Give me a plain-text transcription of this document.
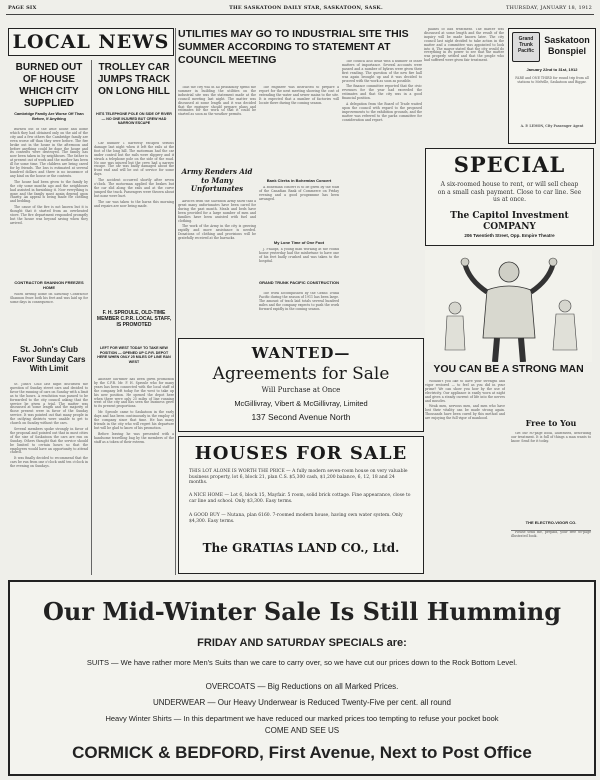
PAGE SIX	THE SASKATOON DAILY STAR, SASKATOON, SASK.	THURSDAY, JANUARY 18, 1912
LOCAL NEWS
BURNED OUT OF HOUSE WHICH CITY SUPPLIED
Cambridge Family Are Worse Off Than Before, If Anything

Burned out of the little house and home which they had obtained only on the aid of the city and a few others the Cambridge family are even worse off than they were before. The fire broke out in the house in the afternoon and before anything could be done the house and its contents were destroyed. The family has now been taken in by neighbours. The father is at present out of work and the mother has been ill for some time. The children are being cared for by friends. The loss is estimated at several hundred dollars and there is no insurance of any kind on the house or the contents.

The house had been given to the family by the city some months ago and the neighbours had assisted in furnishing it. Now everything is gone and the family must again depend upon charity. An appeal is being made for clothing and bedding.

The cause of the fire is not known but it is thought that it started from an overheated stove. The fire department responded promptly but the house was beyond saving when they arrived.

CONTRACTOR SHANNON FREEZES HOME

When driving home on Saturday Contractor Shannon froze both his feet and was laid up for some days in consequence.

St. John's Club Favor Sunday Cars With Limit

St. John's Club last night discussed the question of Sunday street cars and decided to favor the running of cars on Sunday with a limit as to the hours. A resolution was passed to be forwarded to the city council asking that the service be given a trial. The matter was discussed at some length and the majority of those present were in favor of the Sunday service. It was pointed out that many people in the outlying districts were unable to get to church on Sunday without the cars.

Several members spoke strongly in favor of the proposal and pointed out that in most cities of the size of Saskatoon the cars are run on Sunday. Others thought that the service should be limited to certain hours so that the employees would have an opportunity to attend church.

It was finally decided to recommend that the cars be run from one o'clock until ten o'clock in the evening on Sundays.

TROLLEY CAR JUMPS TRACK ON LONG HILL
HITS TELEPHONE POLE ON SIDE OF RIVER — NO ONE INJURED BUT CREW HAD NARROW ESCAPE

Car number 1 narrowly escaped serious damage last night when it left the rails at the foot of the long hill. The motorman had the car under control but the rails were slippery and it struck a telephone pole on the side of the road. No one was injured but the crew had a narrow escape. The car was badly damaged about the front end and will be out of service for some days.

The accident occurred shortly after seven o'clock. The motorman applied the brakes but the car slid along the rails and at the curve jumped the track. Passengers were thrown about but none were hurt.

The car was taken to the barns this morning and repairs are now being made.

F. H. SPROULE, OLD-TIME MEMBER C.P.R. LOCAL STAFF, IS PROMOTED
LEFT FOR WEST TODAY TO TAKE NEW POSITION — OPENED UP C.P.R. DEPOT HERE WHEN ONLY 25 MILES OF LINE RAN WEST

Another old-timer has been given promotion by the C.P.R. Mr. F. H. Sproule who for many years has been connected with the local staff of the company left today for the west to take up his new position. He opened the depot here when there were only 25 miles of line running west of the city and has seen the business grow to its present proportions.

Mr. Sproule came to Saskatoon in the early days and has been continuously in the employ of the company since that time. He has many friends in the city who will regret his departure but will be glad to know of his promotion.

Before leaving he was presented with a handsome travelling bag by the members of the staff as a token of their esteem.

UTILITIES MAY GO TO INDUSTRIAL SITE THIS SUMMER ACCORDING TO STATEMENT AT COUNCIL MEETING

That the city will in all probability spend the summer in building the utilities on the industrial site was the statement made at the council meeting last night. The matter was discussed at some length and it was decided that the engineer should prepare plans and estimates for the work so that it could be started as soon as the weather permits.

Army Renders Aid to Many Unfortunates

Advices from the Salvation Army show that a great many unfortunates have been cared for during the past month. Meals and beds have been provided for a large number of men and families have been assisted with fuel and clothing.

The work of the Army in the city is growing rapidly and more assistance is needed. Donations of clothing and provisions will be gratefully received at the barracks.

The engineer was instructed to prepare a report for the next meeting showing the cost of extending the water and sewer mains to the site. It is expected that a number of factories will locate there during the coming season.

Bank Clerks in Bohemian Concert

A Bohemian concert is to be given by the staff of the Canadian Bank of Commerce on Friday evening and a good programme has been arranged.

My Lone Time of One Foot

J. Phillips, a young man working at the round house yesterday had the misfortune to have one of his feet badly crushed and was taken to the hospital.

GRAND TRUNK PACIFIC CONSTRUCTION

The work accomplished by the Grand Trunk Pacific during the season of 1911 has been large. The amount of track laid totals several hundred miles and the company expects to push the work forward rapidly in the coming season.

The council also dealt with a number of other matters of importance. Several accounts were passed and a number of bylaws were given their first reading. The question of the new fire hall was again brought up and it was decided to proceed with the work as soon as possible.

The finance committee reported that the civic revenues for the year had exceeded the estimates and that the city was in a good financial position.

A delegation from the Board of Trade waited upon the council with regard to the proposed improvements to the exhibition grounds, and the matter was referred to the parks committee for consideration and report.

plaints of bad treatment. The matter was discussed at some length and the result of the inquiry will be made known later. The city council last night decided to take action in the matter and a committee was appointed to look into it. The mayor stated that the city would do everything in its power to see that the matter was properly settled and that the people who had suffered were given fair treatment.

Grand Trunk Pacific
Saskatoon Bonspiel
January 22nd to 31st, 1912
FARE and ONE THIRD for round trip from all stations to Melville, Saskatoon and Biggar.
A. P. LEMON, City Passenger Agent
SPECIAL
A six-roomed house to rent, or will sell cheap on a small cash payment. Close to car line. See us at once.
The Capitol Investment COMPANY
206 Twentieth Street, Opp. Empire Theatre
YOU CAN BE A STRONG MAN

Wouldn't you like to have your strength and vigor restored — to feel as you did in your prime? We can show you how by the use of electricity. Our appliance is easily worn at night and gives a steady current of life into the nerves and muscles.

Weak men, nervous men, and men who have lost their vitality can be made strong again. Thousands have been cured by this method and are enjoying the full vigor of manhood.	Free to You

Get our 80-page book, illustrated, describing our treatment. It is full of things a man wants to know. Send for it today.

THE ELECTRO-VIGOR CO.

Please send me, prepaid, your free 80-page illustrated book.

WANTED—
Agreements for Sale
Will Purchase at Once
McGillivray, Vibert & McGillivray, Limited
137 Second Avenue North
HOUSES FOR SALE
THIS LOT ALONE IS WORTH THE PRICE — A fully modern seven-room house on very valuable business property, lot 6, block 21, plan C.S. $5,300 cash, $1,200 balance, 6, 12, 18 and 24 months.
A NICE HOME — Lot 6, block 15, Mayfair. 5 room, solid brick cottage. Fine appearance, close to car line and school. Only $3,300. Easy terms.
A GOOD BUY — Nutana, plan 6160. 7-roomed modern house, having own water system. Only $4,300. Easy terms.
The GRATIAS LAND CO., Ltd.
Our Mid-Winter Sale Is Still Humming
FRIDAY AND SATURDAY SPECIALS are:
SUITS — We have rather more Men's Suits than we care to carry over, so we have cut our prices down to the Rock Bottom Level.
OVERCOATS — Big Reductions on all Marked Prices.
UNDERWEAR — Our Heavy Underwear is Reduced Twenty-Five per cent. all round
Heavy Winter Shirts — In this department we have reduced our marked prices too tempting to refuse your pocket book
COME AND SEE US
CORMICK & BEDFORD, First Avenue, Next to Post Office
